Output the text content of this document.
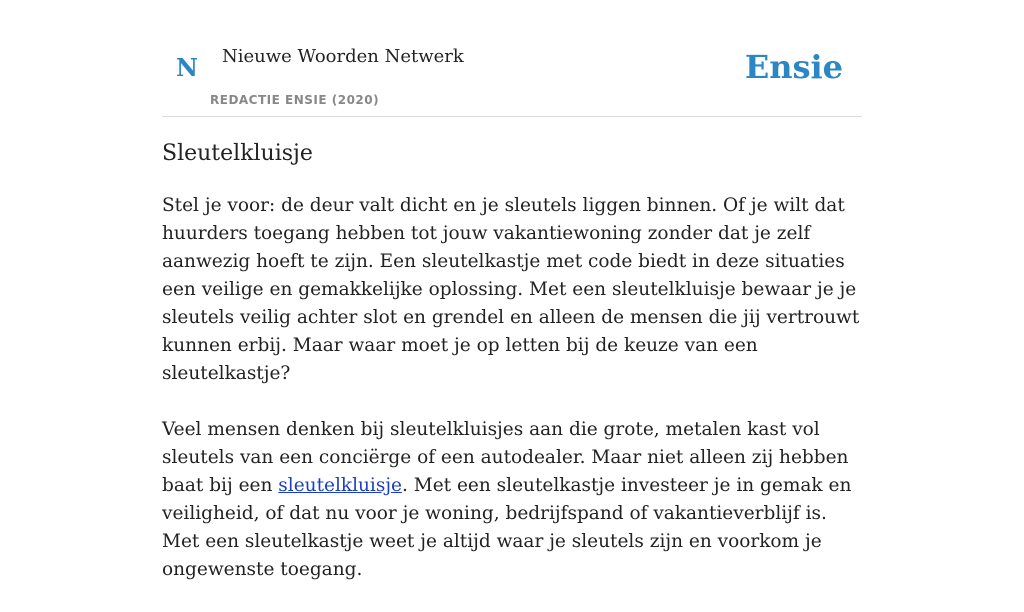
N Nieuwe Woorden Netwerk
REDACTIE ENSIE (2020)
Ensie
Sleutelkluisje

Stel je voor: de deur valt dicht en je sleutels liggen binnen. Of je wilt dat huurders toegang hebben tot jouw vakantiewoning zonder dat je zelf aanwezig hoeft te zijn. Een sleutelkastje met code biedt in deze situaties een veilige en gemakkelijke oplossing. Met een sleutelkluisje bewaar je je sleutels veilig achter slot en grendel en alleen de mensen die jij vertrouwt kunnen erbij. Maar waar moet je op letten bij de keuze van een sleutelkastje?

Veel mensen denken bij sleutelkluisjes aan die grote, metalen kast vol sleutels van een conciërge of een autodealer. Maar niet alleen zij hebben baat bij een sleutelkluisje. Met een sleutelkastje investeer je in gemak en veiligheid, of dat nu voor je woning, bedrijfspand of vakantieverblijf is. Met een sleutelkastje weet je altijd waar je sleutels zijn en voorkom je ongewenste toegang.
